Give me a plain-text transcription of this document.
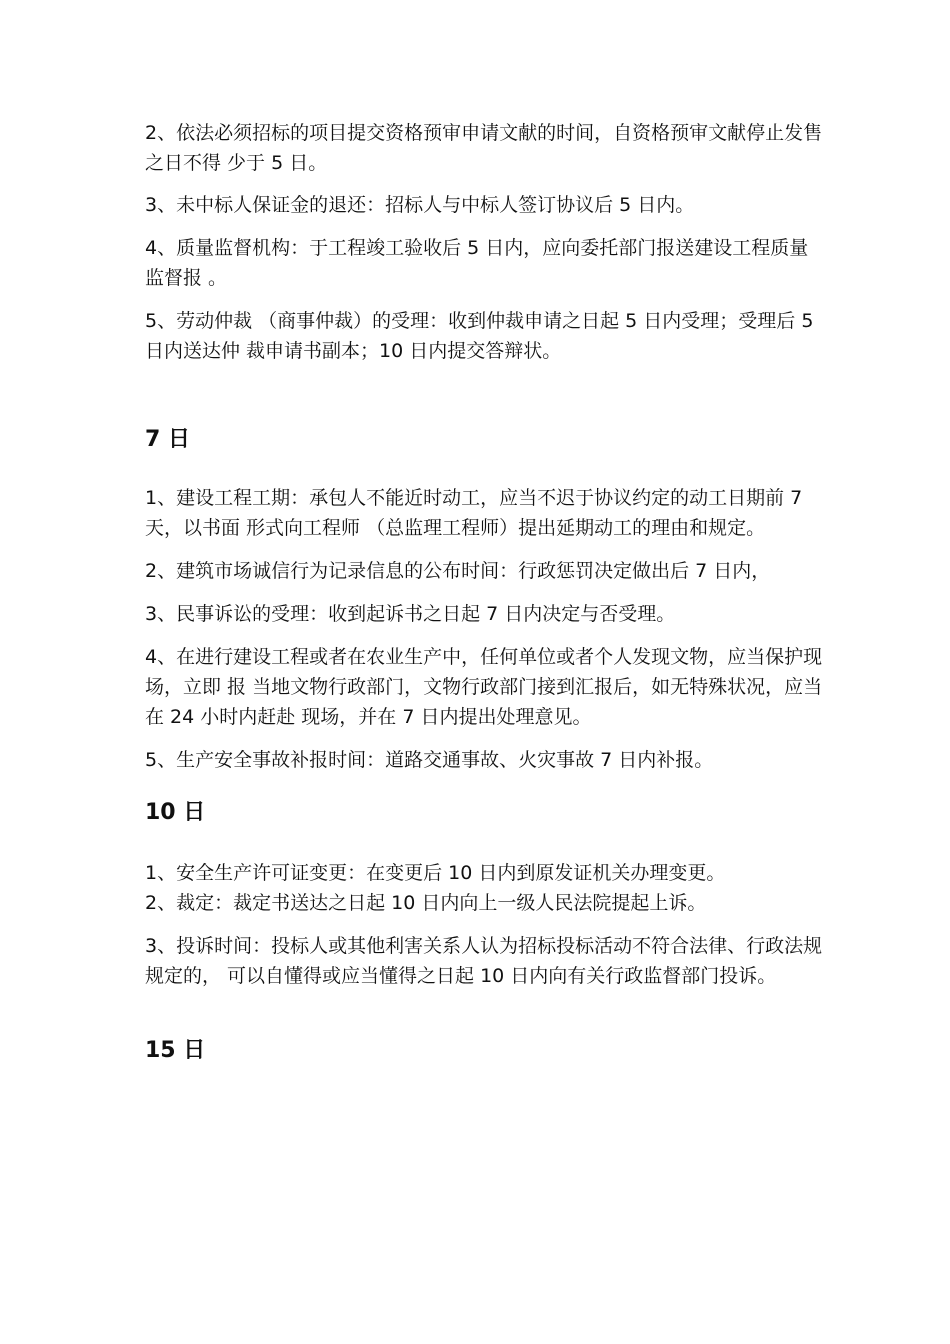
2、依法必须招标的项目提交资格预审申请文献的时间，自资格预审文献停止发售之日不得 少于 5 日。

3、未中标人保证金的退还：招标人与中标人签订协议后 5 日内。

4、质量监督机构：于工程竣工验收后 5 日内，应向委托部门报送建设工程质量监督报 。

5、劳动仲裁 （商事仲裁）的受理：收到仲裁申请之日起 5 日内受理；受理后 5 日内送达仲 裁申请书副本；10 日内提交答辩状。

7 日

1、建设工程工期：承包人不能近时动工，应当不迟于协议约定的动工日期前 7 天，以书面 形式向工程师 （总监理工程师）提出延期动工的理由和规定。

2、建筑市场诚信行为记录信息的公布时间：行政惩罚决定做出后 7 日内，

3、民事诉讼的受理：收到起诉书之日起 7 日内决定与否受理。

4、在进行建设工程或者在农业生产中，任何单位或者个人发现文物，应当保护现场，立即 报 当地文物行政部门，文物行政部门接到汇报后，如无特殊状况，应当在 24 小时内赶赴 现场，并在 7 日内提出处理意见。

5、生产安全事故补报时间：道路交通事故、火灾事故 7 日内补报。

10 日

1、安全生产许可证变更：在变更后 10 日内到原发证机关办理变更。

2、裁定：裁定书送达之日起 10 日内向上一级人民法院提起上诉。

3、投诉时间：投标人或其他利害关系人认为招标投标活动不符合法律、行政法规规定的， 可以自懂得或应当懂得之日起 10 日内向有关行政监督部门投诉。

15 日
